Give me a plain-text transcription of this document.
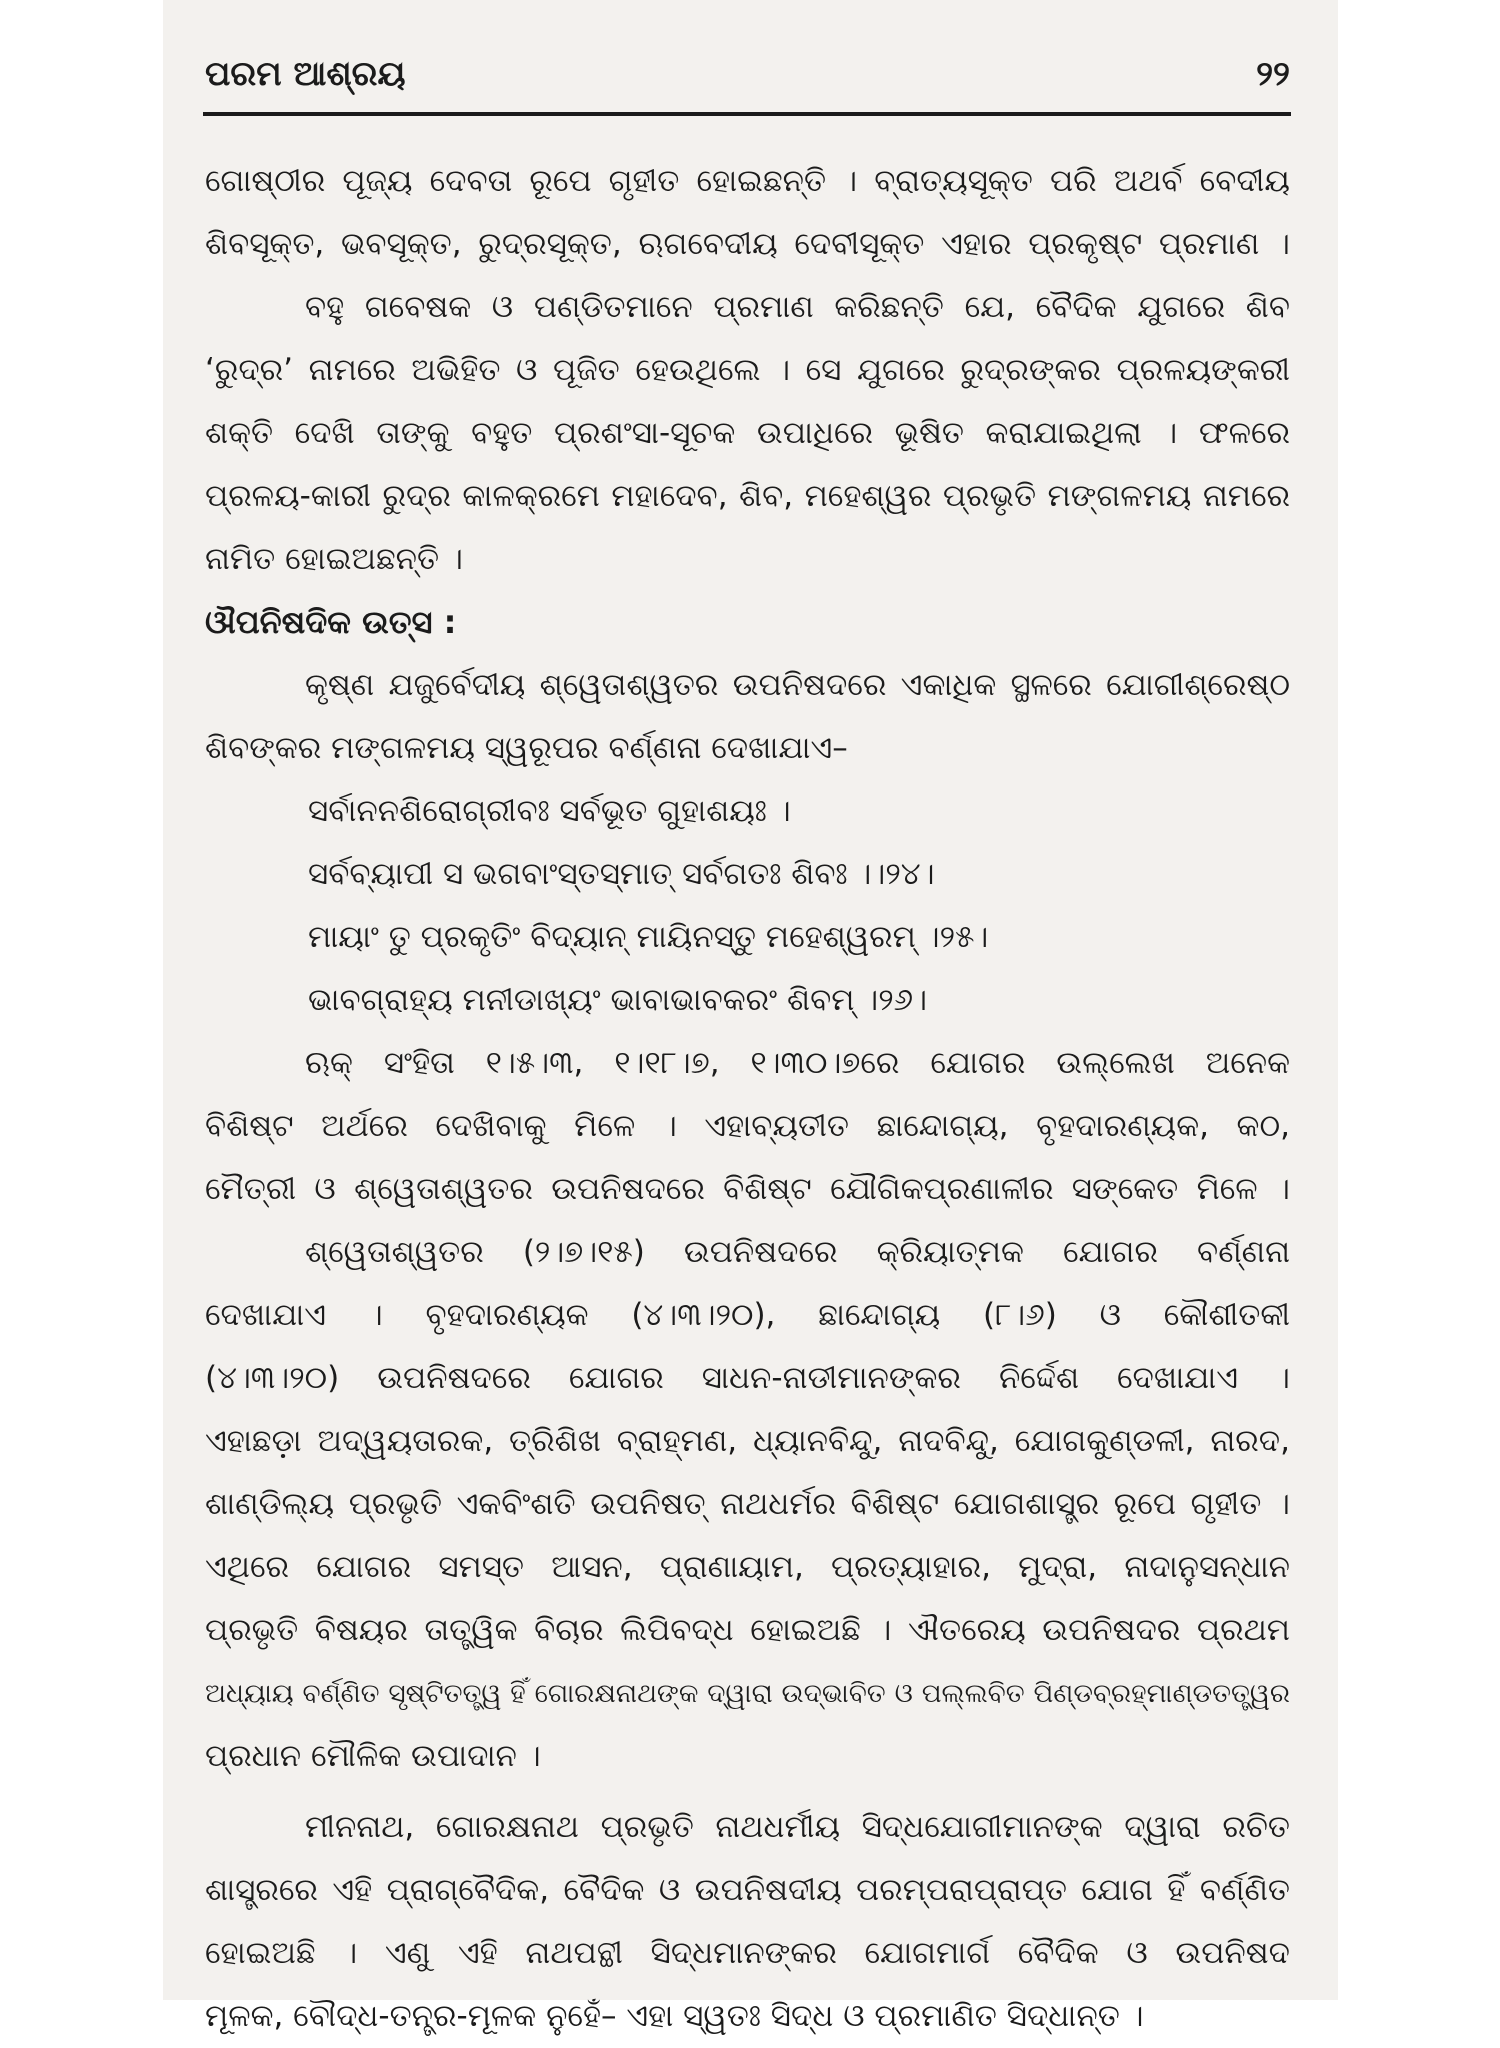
ପରମ ଆଶ୍ରୟ	୨୨
ଗୋଷ୍ଠୀର ପୂଜ୍ୟ ଦେବତା ରୂପେ ଗୃହୀତ ହୋଇଛନ୍ତି । ବ୍ରାତ୍ୟସୂକ୍ତ ପରି ଅଥର୍ବ ବେଦୀୟ
ଶିବସୂକ୍ତ, ଭବସୂକ୍ତ, ରୁଦ୍ରସୂକ୍ତ, ଋଗବେଦୀୟ ଦେବୀସୂକ୍ତ ଏହାର ପ୍ରକୃଷ୍ଟ ପ୍ରମାଣ ।
ବହୁ ଗବେଷକ ଓ ପଣ୍ଡିତମାନେ ପ୍ରମାଣ କରିଛନ୍ତି ଯେ, ବୈଦିକ ଯୁଗରେ ଶିବ
‘ରୁଦ୍ର’ ନାମରେ ଅଭିହିତ ଓ ପୂଜିତ ହେଉଥିଲେ । ସେ ଯୁଗରେ ରୁଦ୍ରଙ୍କର ପ୍ରଳୟଙ୍କରୀ
ଶକ୍ତି ଦେଖି ତାଙ୍କୁ ବହୁତ ପ୍ରଶଂସା-ସୂଚକ ଉପାଧିରେ ଭୂଷିତ କରାଯାଇଥିଲା । ଫଳରେ
ପ୍ରଳୟ-କାରୀ ରୁଦ୍ର କାଳକ୍ରମେ ମହାଦେବ, ଶିବ, ମହେଶ୍ୱର ପ୍ରଭୃତି ମଙ୍ଗଳମୟ ନାମରେ
ନାମିତ ହୋଇଅଛନ୍ତି ।
ଔପନିଷଦିକ ଉତ୍ସ :
କୃଷ୍ଣ ଯଜୁର୍ବେଦୀୟ ଶ୍ୱେତାଶ୍ୱତର ଉପନିଷଦରେ ଏକାଧିକ ସ୍ଥଳରେ ଯୋଗୀଶ୍ରେଷ୍ଠ
ଶିବଙ୍କର ମଙ୍ଗଳମୟ ସ୍ୱରୂପର ବର୍ଣ୍ଣନା ଦେଖାଯାଏ–
ସର୍ବାନନଶିରୋଗ୍ରୀବଃ ସର୍ବଭୂତ ଗୁହାଶୟଃ ।
ସର୍ବବ୍ୟାପୀ ସ ଭଗବାଂସ୍ତସ୍ମାତ୍ ସର୍ବଗତଃ ଶିବଃ ।।୨୪।
ମାୟାଂ ତୁ ପ୍ରକୃତିଂ ବିଦ୍ୟାନ୍ ମାୟିନସ୍ତୁ ମହେଶ୍ୱରମ୍ ।୨୫।
ଭାବଗ୍ରାହ୍ୟ ମନୀଡାଖ୍ୟଂ ଭାବାଭାବକରଂ ଶିବମ୍ ।୨୬।
ଋକ୍ ସଂହିତା ୧।୫।୩, ୧।୧୮।୭, ୧।୩୦।୭ରେ ଯୋଗର ଉଲ୍ଲେଖ ଅନେକ
ବିଶିଷ୍ଟ ଅର୍ଥରେ ଦେଖିବାକୁ ମିଳେ । ଏହାବ୍ୟତୀତ ଛାନ୍ଦୋଗ୍ୟ, ବୃହଦାରଣ୍ୟକ, କଠ,
ମୈତ୍ରୀ ଓ ଶ୍ୱେତାଶ୍ୱତର ଉପନିଷଦରେ ବିଶିଷ୍ଟ ଯୌଗିକପ୍ରଣାଳୀର ସଙ୍କେତ ମିଳେ ।
ଶ୍ୱେତାଶ୍ୱତର (୨।୭।୧୫) ଉପନିଷଦରେ କ୍ରିୟାତ୍ମକ ଯୋଗର ବର୍ଣ୍ଣନା
ଦେଖାଯାଏ । ବୃହଦାରଣ୍ୟକ (୪।୩।୨୦), ଛାନ୍ଦୋଗ୍ୟ (୮।୬) ଓ କୌଶୀତକୀ
(୪।୩।୨୦) ଉପନିଷଦରେ ଯୋଗର ସାଧନ-ନାଡୀମାନଙ୍କର ନିର୍ଦ୍ଦେଶ ଦେଖାଯାଏ ।
ଏହାଛଡ଼ା ଅଦ୍ୱୟତାରକ, ତ୍ରିଶିଖ ବ୍ରାହ୍ମଣ, ଧ୍ୟାନବିନ୍ଦୁ, ନାଦବିନ୍ଦୁ, ଯୋଗକୁଣ୍ଡଳୀ, ନାରଦ,
ଶାଣ୍ଡିଲ୍ୟ ପ୍ରଭୃତି ଏକବିଂଶତି ଉପନିଷତ୍ ନାଥଧର୍ମର ବିଶିଷ୍ଟ ଯୋଗଶାସ୍ତ୍ର ରୂପେ ଗୃହୀତ ।
ଏଥିରେ ଯୋଗର ସମସ୍ତ ଆସନ, ପ୍ରାଣାୟାମ, ପ୍ରତ୍ୟାହାର, ମୁଦ୍ରା, ନାଦାନୁସନ୍ଧାନ
ପ୍ରଭୃତି ବିଷୟର ତାତ୍ତ୍ୱିକ ବିଚାର ଲିପିବଦ୍ଧ ହୋଇଅଛି । ଐତରେୟ ଉପନିଷଦର ପ୍ରଥମ
ଅଧ୍ୟାୟ ବର୍ଣ୍ଣିତ ସୃଷ୍ଟିତତ୍ତ୍ୱ ହିଁ ଗୋରକ୍ଷନାଥଙ୍କ ଦ୍ୱାରା ଉଦ୍ଭାବିତ ଓ ପଲ୍ଲବିତ ପିଣ୍ଡବ୍ରହ୍ମାଣ୍ଡତତ୍ତ୍ୱର
ପ୍ରଧାନ ମୌଳିକ ଉପାଦାନ ।
ମୀନନାଥ, ଗୋରକ୍ଷନାଥ ପ୍ରଭୃତି ନାଥଧର୍ମୀୟ ସିଦ୍ଧଯୋଗୀମାନଙ୍କ ଦ୍ୱାରା ରଚିତ
ଶାସ୍ତ୍ରରେ ଏହି ପ୍ରାଗ୍‌ବୈଦିକ, ବୈଦିକ ଓ ଉପନିଷଦୀୟ ପରମ୍ପରାପ୍ରାପ୍ତ ଯୋଗ ହିଁ ବର୍ଣ୍ଣିତ
ହୋଇଅଛି । ଏଣୁ ଏହି ନାଥପନ୍ଥୀ ସିଦ୍ଧମାନଙ୍କର ଯୋଗମାର୍ଗ ବୈଦିକ ଓ ଉପନିଷଦ
ମୂଳକ, ବୌଦ୍ଧ-ତନ୍ତ୍ର-ମୂଳକ ନୁହେଁ– ଏହା ସ୍ୱତଃ ସିଦ୍ଧ ଓ ପ୍ରମାଣିତ ସିଦ୍ଧାନ୍ତ ।
